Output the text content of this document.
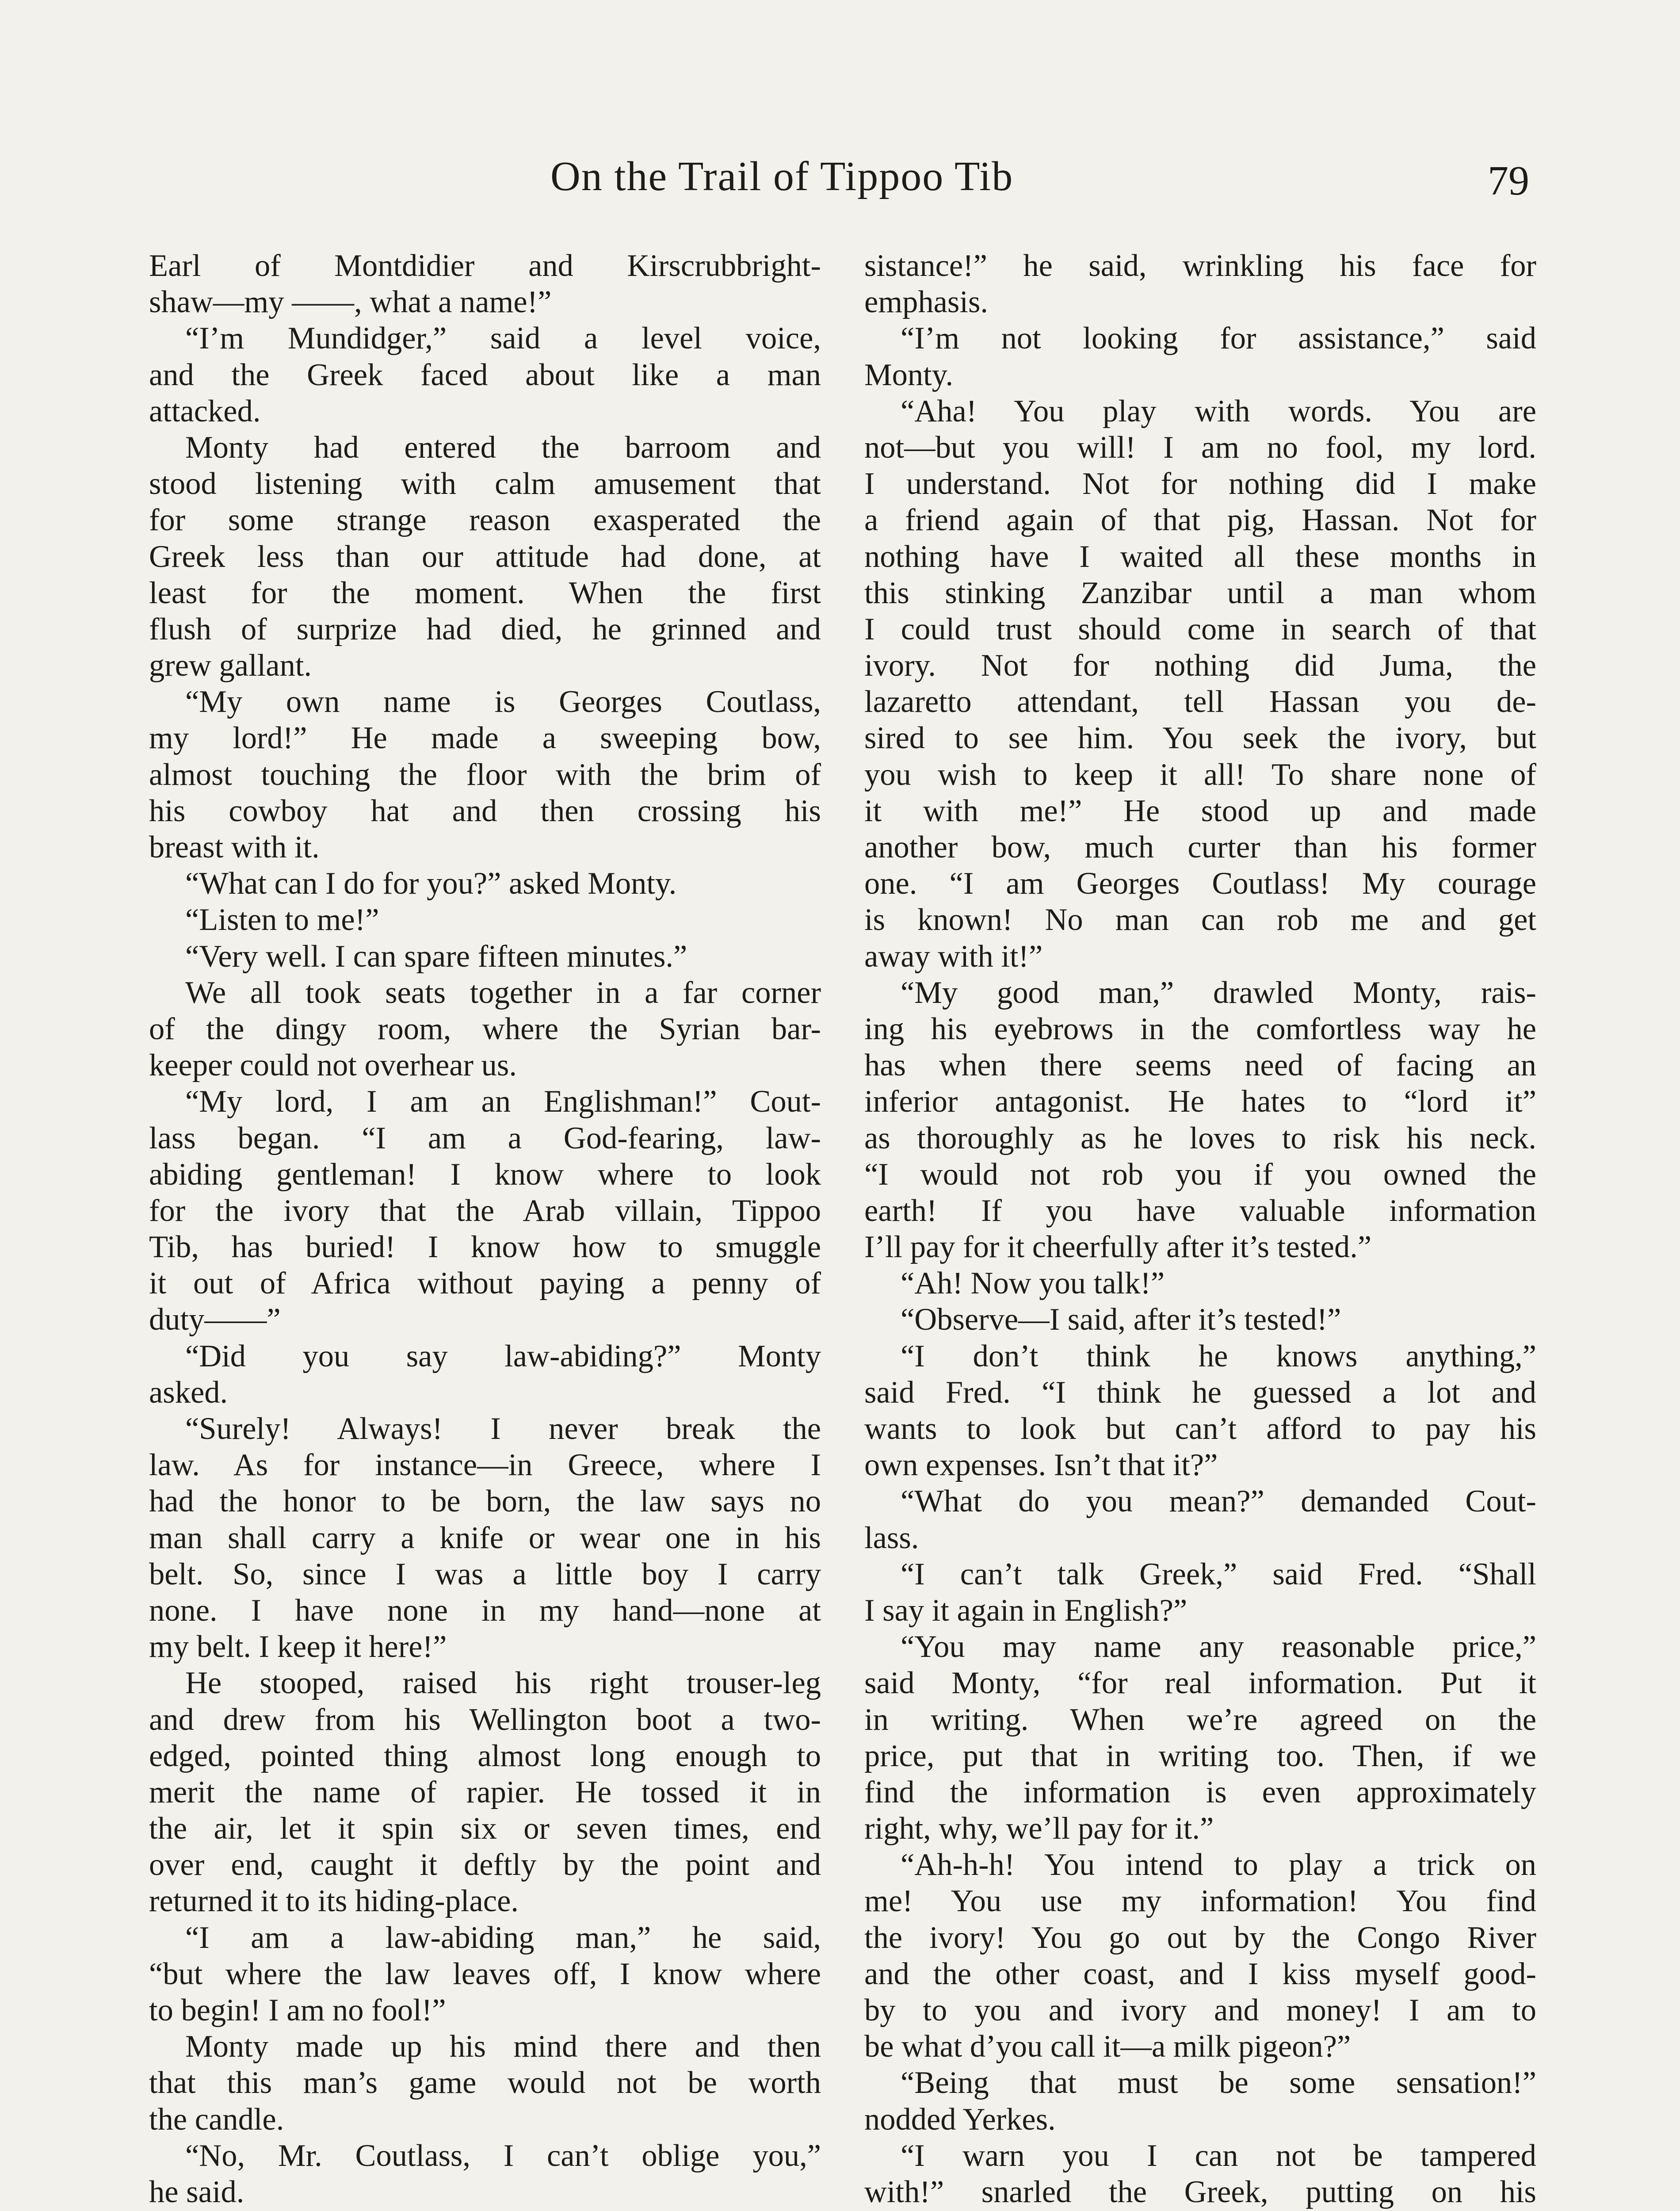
On the Trail of Tippoo Tib	79
Earl of Montdidier and Kirscrubbright-
shaw—my ——, what a name!”
“I’m Mundidger,” said a level voice,
and the Greek faced about like a man
attacked.
Monty had entered the barroom and
stood listening with calm amusement that
for some strange reason exasperated the
Greek less than our attitude had done, at
least for the moment. When the first
flush of surprize had died, he grinned and
grew gallant.
“My own name is Georges Coutlass,
my lord!” He made a sweeping bow,
almost touching the floor with the brim of
his cowboy hat and then crossing his
breast with it.
“What can I do for you?” asked Monty.
“Listen to me!”
“Very well. I can spare fifteen minutes.”
We all took seats together in a far corner
of the dingy room, where the Syrian bar-
keeper could not overhear us.
“My lord, I am an Englishman!” Cout-
lass began. “I am a God-fearing, law-
abiding gentleman! I know where to look
for the ivory that the Arab villain, Tippoo
Tib, has buried! I know how to smuggle
it out of Africa without paying a penny of
duty——”
“Did you say law-abiding?” Monty
asked.
“Surely! Always! I never break the
law. As for instance—in Greece, where I
had the honor to be born, the law says no
man shall carry a knife or wear one in his
belt. So, since I was a little boy I carry
none. I have none in my hand—none at
my belt. I keep it here!”
He stooped, raised his right trouser-leg
and drew from his Wellington boot a two-
edged, pointed thing almost long enough to
merit the name of rapier. He tossed it in
the air, let it spin six or seven times, end
over end, caught it deftly by the point and
returned it to its hiding-place.
“I am a law-abiding man,” he said,
“but where the law leaves off, I know where
to begin! I am no fool!”
Monty made up his mind there and then
that this man’s game would not be worth
the candle.
“No, Mr. Coutlass, I can’t oblige you,”
he said.
sistance!” he said, wrinkling his face for
emphasis.
“I’m not looking for assistance,” said
Monty.
“Aha! You play with words. You are
not—but you will! I am no fool, my lord.
I understand. Not for nothing did I make
a friend again of that pig, Hassan. Not for
nothing have I waited all these months in
this stinking Zanzibar until a man whom
I could trust should come in search of that
ivory. Not for nothing did Juma, the
lazaretto attendant, tell Hassan you de-
sired to see him. You seek the ivory, but
you wish to keep it all! To share none of
it with me!” He stood up and made
another bow, much curter than his former
one. “I am Georges Coutlass! My courage
is known! No man can rob me and get
away with it!”
“My good man,” drawled Monty, rais-
ing his eyebrows in the comfortless way he
has when there seems need of facing an
inferior antagonist. He hates to “lord it”
as thoroughly as he loves to risk his neck.
“I would not rob you if you owned the
earth! If you have valuable information
I’ll pay for it cheerfully after it’s tested.”
“Ah! Now you talk!”
“Observe—I said, after it’s tested!”
“I don’t think he knows anything,”
said Fred. “I think he guessed a lot and
wants to look but can’t afford to pay his
own expenses. Isn’t that it?”
“What do you mean?” demanded Cout-
lass.
“I can’t talk Greek,” said Fred. “Shall
I say it again in English?”
“You may name any reasonable price,”
said Monty, “for real information. Put it
in writing. When we’re agreed on the
price, put that in writing too. Then, if we
find the information is even approximately
right, why, we’ll pay for it.”
“Ah-h-h! You intend to play a trick on
me! You use my information! You find
the ivory! You go out by the Congo River
and the other coast, and I kiss myself good-
by to you and ivory and money! I am to
be what d’you call it—a milk pigeon?”
“Being that must be some sensation!”
nodded Yerkes.
“I warn you I can not be tampered
with!” snarled the Greek, putting on his
